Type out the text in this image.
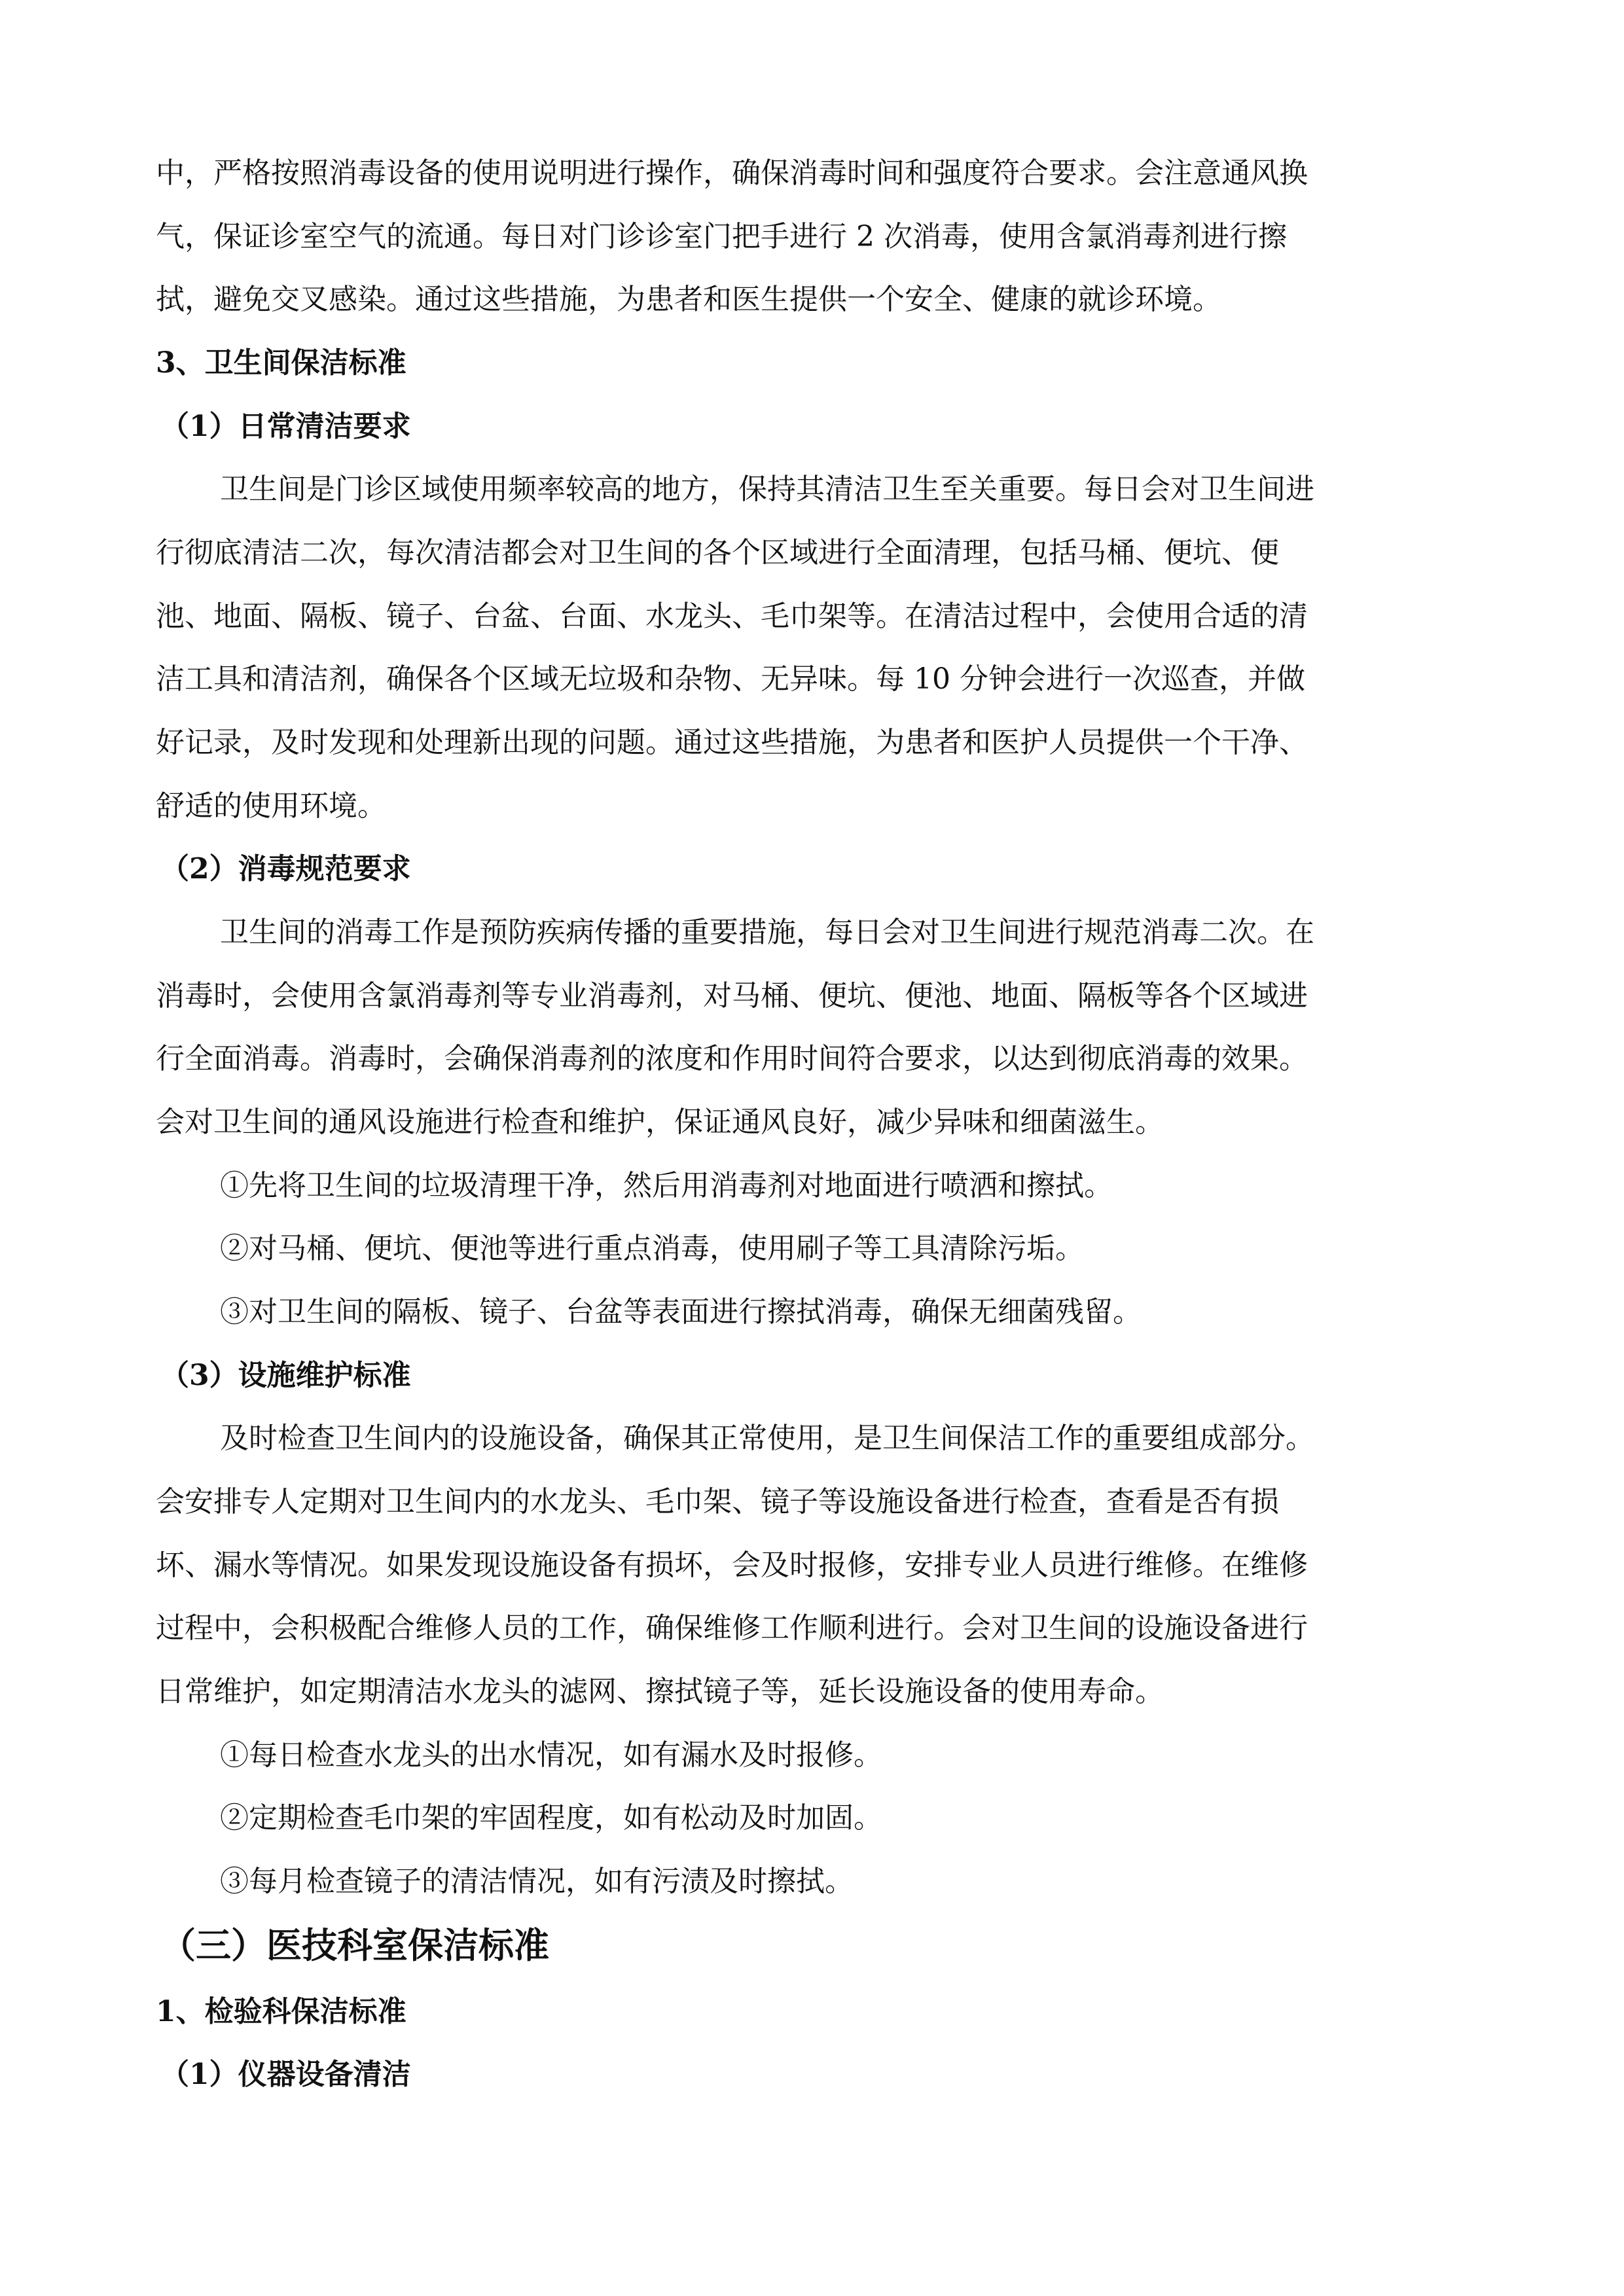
中，严格按照消毒设备的使用说明进行操作，确保消毒时间和强度符合要求。会注意通风换
气，保证诊室空气的流通。每日对门诊诊室门把手进行 2 次消毒，使用含氯消毒剂进行擦
拭，避免交叉感染。通过这些措施，为患者和医生提供一个安全、健康的就诊环境。
3、卫生间保洁标准
（1）日常清洁要求
卫生间是门诊区域使用频率较高的地方，保持其清洁卫生至关重要。每日会对卫生间进
行彻底清洁二次，每次清洁都会对卫生间的各个区域进行全面清理，包括马桶、便坑、便
池、地面、隔板、镜子、台盆、台面、水龙头、毛巾架等。在清洁过程中，会使用合适的清
洁工具和清洁剂，确保各个区域无垃圾和杂物、无异味。每 10 分钟会进行一次巡查，并做
好记录，及时发现和处理新出现的问题。通过这些措施，为患者和医护人员提供一个干净、
舒适的使用环境。
（2）消毒规范要求
卫生间的消毒工作是预防疾病传播的重要措施，每日会对卫生间进行规范消毒二次。在
消毒时，会使用含氯消毒剂等专业消毒剂，对马桶、便坑、便池、地面、隔板等各个区域进
行全面消毒。消毒时，会确保消毒剂的浓度和作用时间符合要求，以达到彻底消毒的效果。
会对卫生间的通风设施进行检查和维护，保证通风良好，减少异味和细菌滋生。
①先将卫生间的垃圾清理干净，然后用消毒剂对地面进行喷洒和擦拭。
②对马桶、便坑、便池等进行重点消毒，使用刷子等工具清除污垢。
③对卫生间的隔板、镜子、台盆等表面进行擦拭消毒，确保无细菌残留。
（3）设施维护标准
及时检查卫生间内的设施设备，确保其正常使用，是卫生间保洁工作的重要组成部分。
会安排专人定期对卫生间内的水龙头、毛巾架、镜子等设施设备进行检查，查看是否有损
坏、漏水等情况。如果发现设施设备有损坏，会及时报修，安排专业人员进行维修。在维修
过程中，会积极配合维修人员的工作，确保维修工作顺利进行。会对卫生间的设施设备进行
日常维护，如定期清洁水龙头的滤网、擦拭镜子等，延长设施设备的使用寿命。
①每日检查水龙头的出水情况，如有漏水及时报修。
②定期检查毛巾架的牢固程度，如有松动及时加固。
③每月检查镜子的清洁情况，如有污渍及时擦拭。
（三）医技科室保洁标准
1、检验科保洁标准
（1）仪器设备清洁
